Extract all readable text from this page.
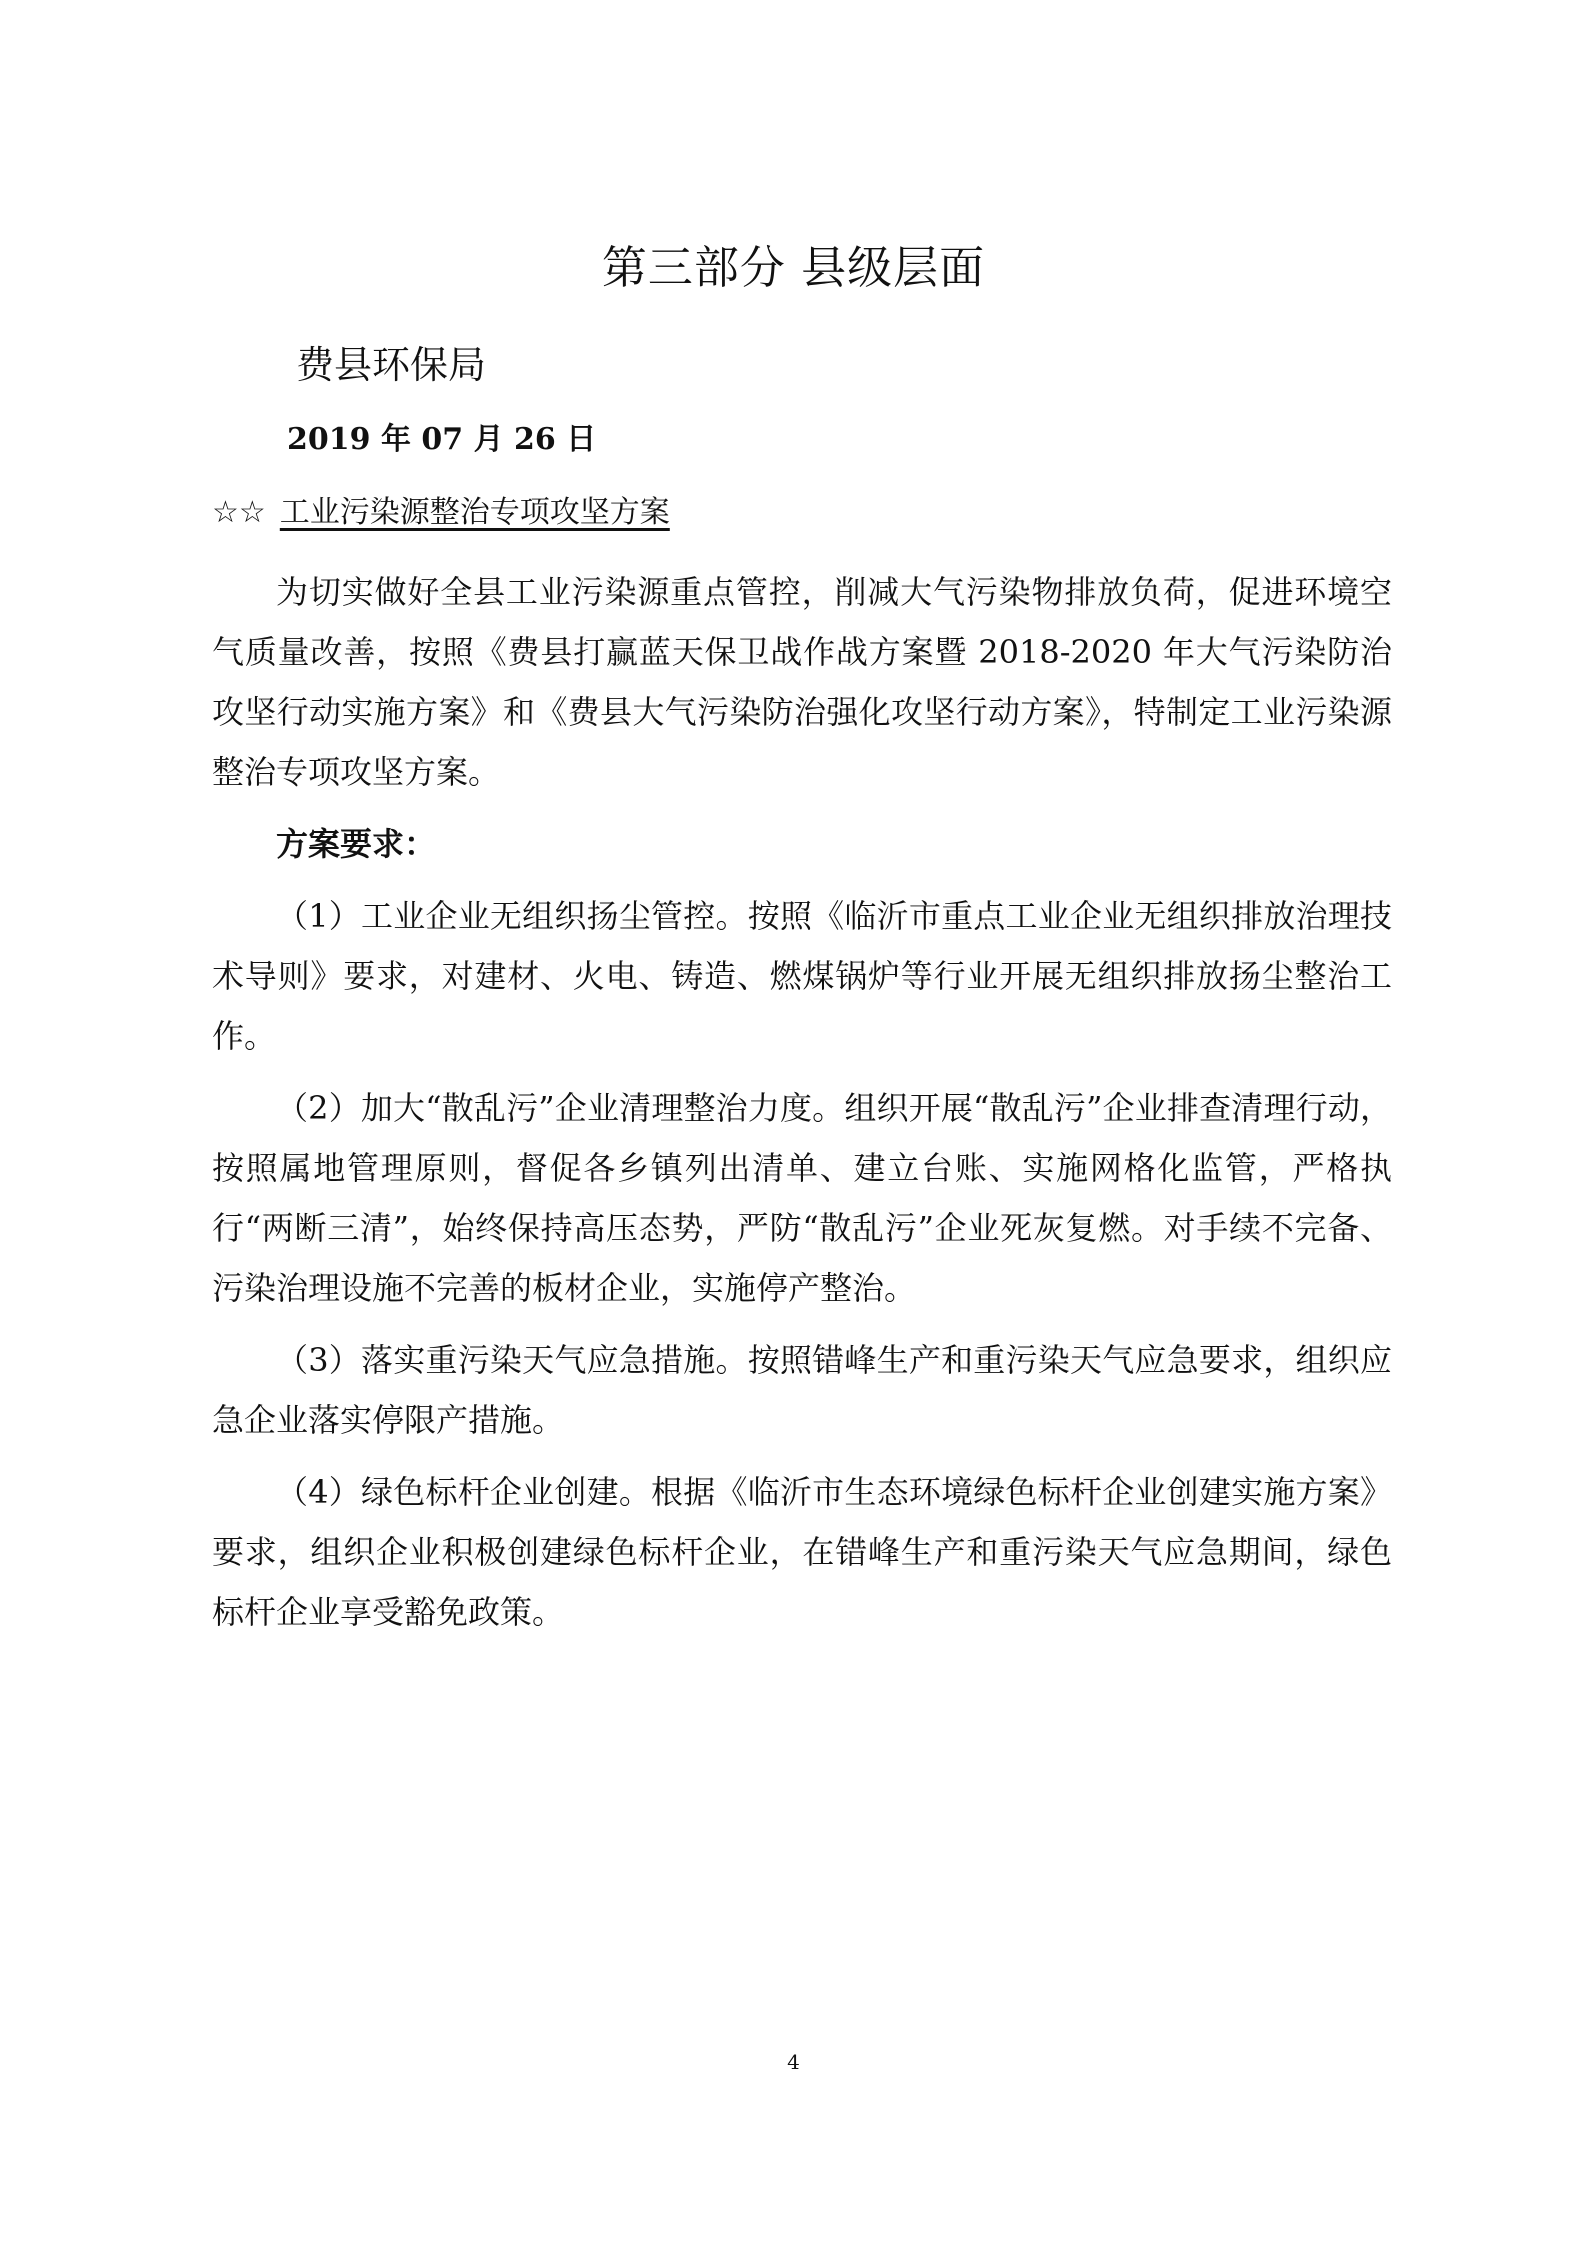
第三部分 县级层面
费县环保局
2019 年 07 月 26 日
☆☆ 工业污染源整治专项攻坚方案

为切实做好全县工业污染源重点管控，削减大气污染物排放负荷，促进环境空气质量改善，按照《费县打赢蓝天保卫战作战方案暨 2018-2020 年大气污染防治攻坚行动实施方案》和《费县大气污染防治强化攻坚行动方案》，特制定工业污染源整治专项攻坚方案。

方案要求：

（1）工业企业无组织扬尘管控。按照《临沂市重点工业企业无组织排放治理技术导则》要求，对建材、火电、铸造、燃煤锅炉等行业开展无组织排放扬尘整治工作。

（2）加大“散乱污”企业清理整治力度。组织开展“散乱污”企业排查清理行动，按照属地管理原则，督促各乡镇列出清单、建立台账、实施网格化监管，严格执行“两断三清”，始终保持高压态势，严防“散乱污”企业死灰复燃。对手续不完备、污染治理设施不完善的板材企业，实施停产整治。

（3）落实重污染天气应急措施。按照错峰生产和重污染天气应急要求，组织应急企业落实停限产措施。

（4）绿色标杆企业创建。根据《临沂市生态环境绿色标杆企业创建实施方案》要求，组织企业积极创建绿色标杆企业，在错峰生产和重污染天气应急期间，绿色标杆企业享受豁免政策。

4
